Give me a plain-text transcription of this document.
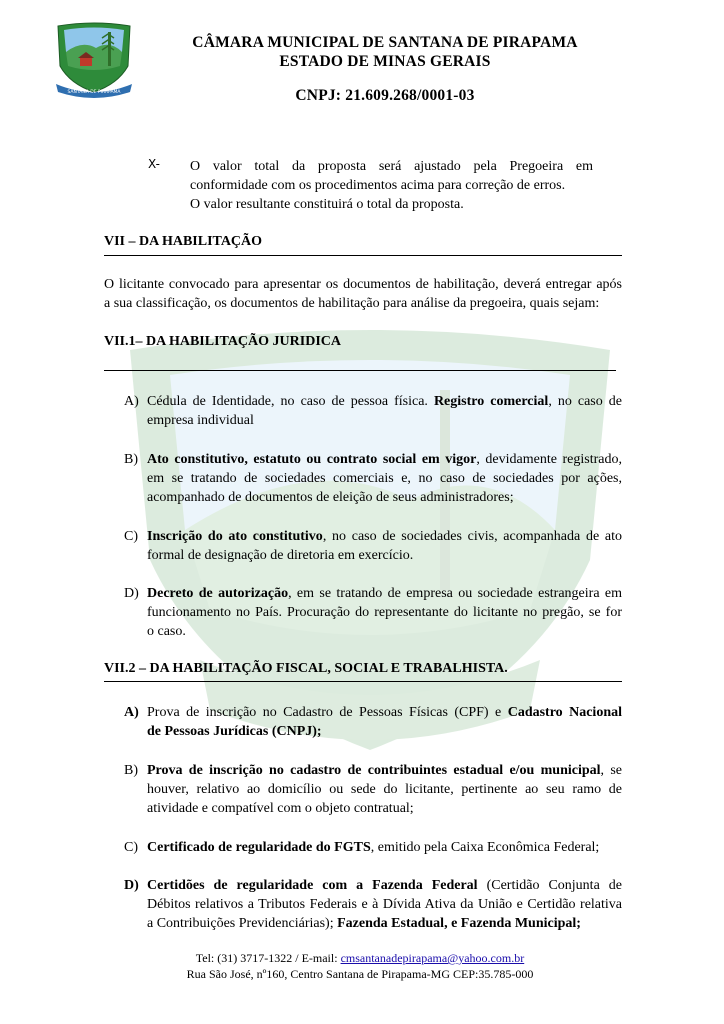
SANTANA DE PIRAPAMA
CÂMARA MUNICIPAL DE SANTANA DE PIRAPAMA
ESTADO DE MINAS GERAIS
CNPJ: 21.609.268/0001-03
X- O valor total da proposta será ajustado pela Pregoeira em
conformidade com os procedimentos acima para correção de erros.
O valor resultante constituirá o total da proposta.
VII – DA HABILITAÇÃO
O licitante convocado para apresentar os documentos de habilitação, deverá entregar após
a sua classificação, os documentos de habilitação para análise da pregoeira, quais sejam:
VII.1– DA HABILITAÇÃO JURIDICA
A) Cédula de Identidade, no caso de pessoa física. Registro comercial, no caso de
empresa individual
B) Ato constitutivo, estatuto ou contrato social em vigor, devidamente registrado,
em se tratando de sociedades comerciais e, no caso de sociedades por ações,
acompanhado de documentos de eleição de seus administradores;
C) Inscrição do ato constitutivo, no caso de sociedades civis, acompanhada de ato
formal de designação de diretoria em exercício.
D) Decreto de autorização, em se tratando de empresa ou sociedade estrangeira em
funcionamento no País. Procuração do representante do licitante no pregão, se for
o caso.
VII.2 – DA HABILITAÇÃO FISCAL, SOCIAL E TRABALHISTA.
A) Prova de inscrição no Cadastro de Pessoas Físicas (CPF) e Cadastro Nacional
de Pessoas Jurídicas (CNPJ);
B) Prova de inscrição no cadastro de contribuintes estadual e/ou municipal, se
houver, relativo ao domicílio ou sede do licitante, pertinente ao seu ramo de
atividade e compatível com o objeto contratual;
C) Certificado de regularidade do FGTS, emitido pela Caixa Econômica Federal;
D) Certidões de regularidade com a Fazenda Federal (Certidão Conjunta de
Débitos relativos a Tributos Federais e à Dívida Ativa da União e Certidão relativa
a Contribuições Previdenciárias); Fazenda Estadual, e Fazenda Municipal;
Tel: (31) 3717-1322 / E-mail: cmsantanadepirapama@yahoo.com.br
Rua São José, nº160, Centro Santana de Pirapama-MG CEP:35.785-000
